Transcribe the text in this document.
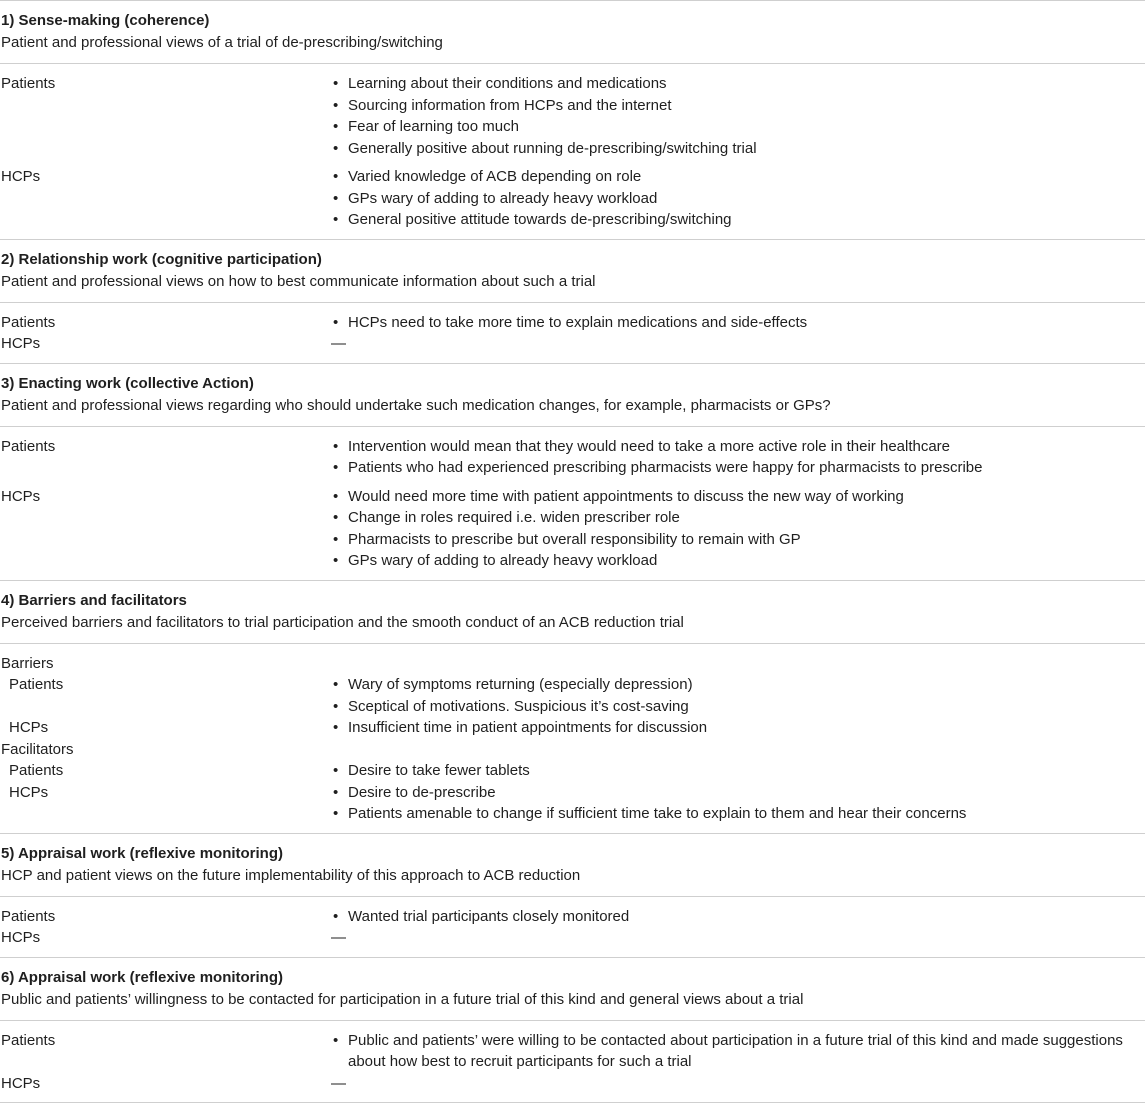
1) Sense-making (coherence)
Patient and professional views of a trial of de-prescribing/switching
Patients	• Learning about their conditions and medications
• Sourcing information from HCPs and the internet
• Fear of learning too much
• Generally positive about running de-prescribing/switching trial
HCPs	• Varied knowledge of ACB depending on role
• GPs wary of adding to already heavy workload
• General positive attitude towards de-prescribing/switching
2) Relationship work (cognitive participation)
Patient and professional views on how to best communicate information about such a trial
Patients	• HCPs need to take more time to explain medications and side-effects
HCPs	—
3) Enacting work (collective Action)
Patient and professional views regarding who should undertake such medication changes, for example, pharmacists or GPs?
Patients	• Intervention would mean that they would need to take a more active role in their healthcare
• Patients who had experienced prescribing pharmacists were happy for pharmacists to prescribe
HCPs	• Would need more time with patient appointments to discuss the new way of working
• Change in roles required i.e. widen prescriber role
• Pharmacists to prescribe but overall responsibility to remain with GP
• GPs wary of adding to already heavy workload
4) Barriers and facilitators
Perceived barriers and facilitators to trial participation and the smooth conduct of an ACB reduction trial
Barriers
Patients	• Wary of symptoms returning (especially depression)
• Sceptical of motivations. Suspicious it’s cost-saving
HCPs	• Insufficient time in patient appointments for discussion
Facilitators
Patients	• Desire to take fewer tablets
HCPs	• Desire to de-prescribe
• Patients amenable to change if sufficient time take to explain to them and hear their concerns
5) Appraisal work (reflexive monitoring)
HCP and patient views on the future implementability of this approach to ACB reduction
Patients	• Wanted trial participants closely monitored
HCPs	—
6) Appraisal work (reflexive monitoring)
Public and patients’ willingness to be contacted for participation in a future trial of this kind and general views about a trial
Patients	• Public and patients’ were willing to be contacted about participation in a future trial of this kind and made suggestions about how best to recruit participants for such a trial
HCPs	—
